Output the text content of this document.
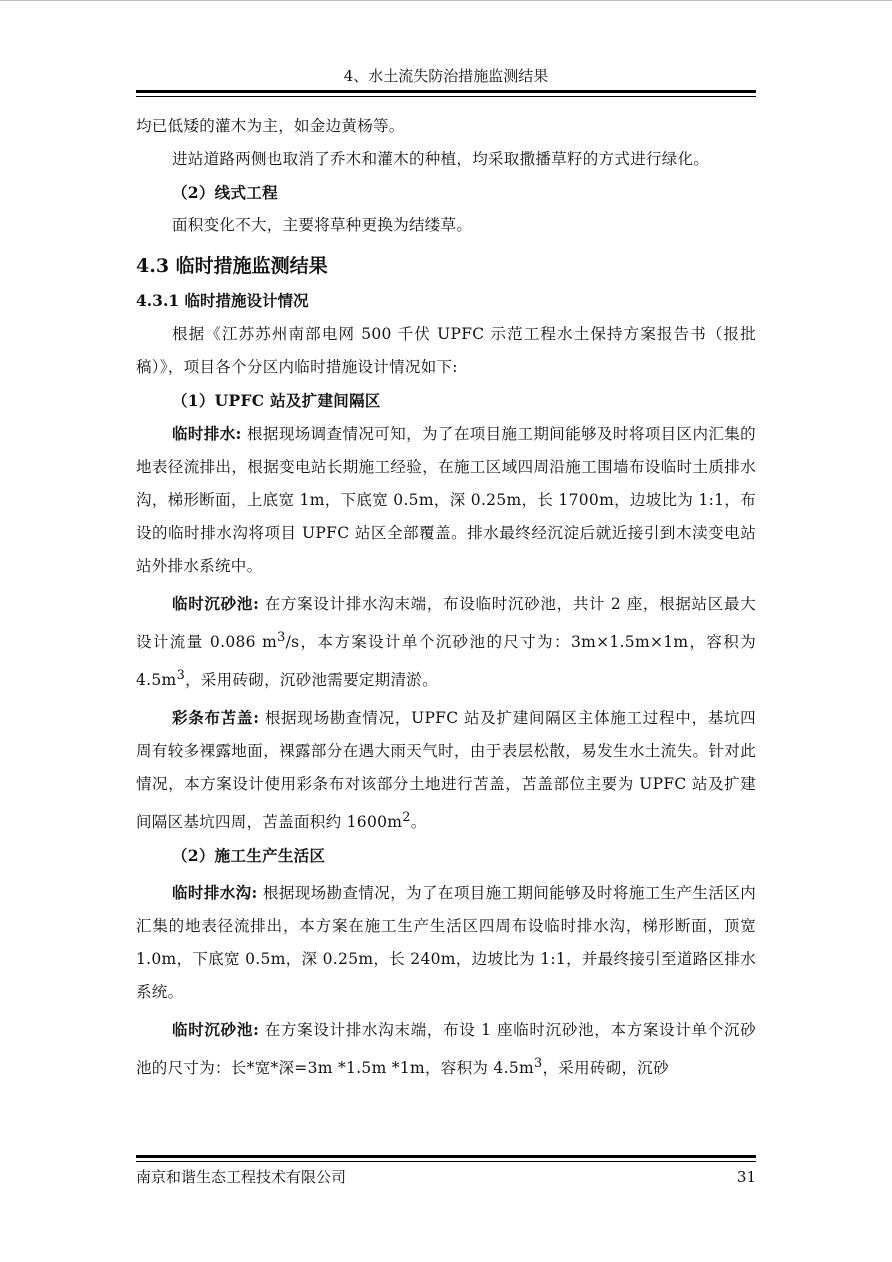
4、水土流失防治措施监测结果

均已低矮的灌木为主，如金边黄杨等。

进站道路两侧也取消了乔木和灌木的种植，均采取撒播草籽的方式进行绿化。

（2）线式工程

面积变化不大，主要将草种更换为结缕草。

4.3 临时措施监测结果

4.3.1 临时措施设计情况

根据《江苏苏州南部电网 500 千伏 UPFC 示范工程水土保持方案报告书（报批稿）》，项目各个分区内临时措施设计情况如下:

（1）UPFC 站及扩建间隔区

临时排水: 根据现场调查情况可知，为了在项目施工期间能够及时将项目区内汇集的地表径流排出，根据变电站长期施工经验，在施工区域四周沿施工围墙布设临时土质排水沟，梯形断面，上底宽 1m，下底宽 0.5m，深 0.25m，长 1700m，边坡比为 1:1，布设的临时排水沟将项目 UPFC 站区全部覆盖。排水最终经沉淀后就近接引到木渎变电站站外排水系统中。

临时沉砂池: 在方案设计排水沟末端，布设临时沉砂池，共计 2 座，根据站区最大设计流量 0.086 $m^3/s$，本方案设计单个沉砂池的尺寸为：3m×1.5m×1m，容积为 $4.5m^3$，采用砖砌，沉砂池需要定期清淤。

彩条布苫盖: 根据现场勘查情况，UPFC 站及扩建间隔区主体施工过程中，基坑四周有较多裸露地面，裸露部分在遇大雨天气时，由于表层松散，易发生水土流失。针对此情况，本方案设计使用彩条布对该部分土地进行苫盖，苫盖部位主要为 UPFC 站及扩建间隔区基坑四周，苫盖面积约 $1600m^2$。

（2）施工生产生活区

临时排水沟: 根据现场勘查情况，为了在项目施工期间能够及时将施工生产生活区内汇集的地表径流排出，本方案在施工生产生活区四周布设临时排水沟，梯形断面，顶宽 1.0m，下底宽 0.5m，深 0.25m，长 240m，边坡比为 1:1，并最终接引至道路区排水系统。

临时沉砂池: 在方案设计排水沟末端，布设 1 座临时沉砂池，本方案设计单个沉砂池的尺寸为：长*宽*深=3m *1.5m *1m，容积为 $4.5m^3$，采用砖砌，沉砂

南京和谐生态工程技术有限公司	31
